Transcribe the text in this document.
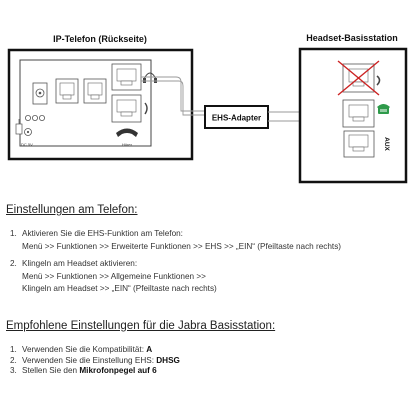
IP-Telefon (Rückseite)	Headset-Basisstation
DC 5V	Hörer
EHS-Adapter
AUX
Einstellungen am Telefon:
1. Aktivieren Sie die EHS-Funktion am Telefon:
Menü >> Funktionen >> Erweiterte Funktionen >> EHS >> „EIN“ (Pfeiltaste nach rechts)
2. Klingeln am Headset aktivieren:
Menü >> Funktionen >> Allgemeine Funktionen >>
Klingeln am Headset >> „EIN“ (Pfeiltaste nach rechts)
Empfohlene Einstellungen für die Jabra Basisstation:
1. Verwenden Sie die Kompatibilität: A
2. Verwenden Sie die Einstellung EHS: DHSG
3. Stellen Sie den Mikrofonpegel auf 6
